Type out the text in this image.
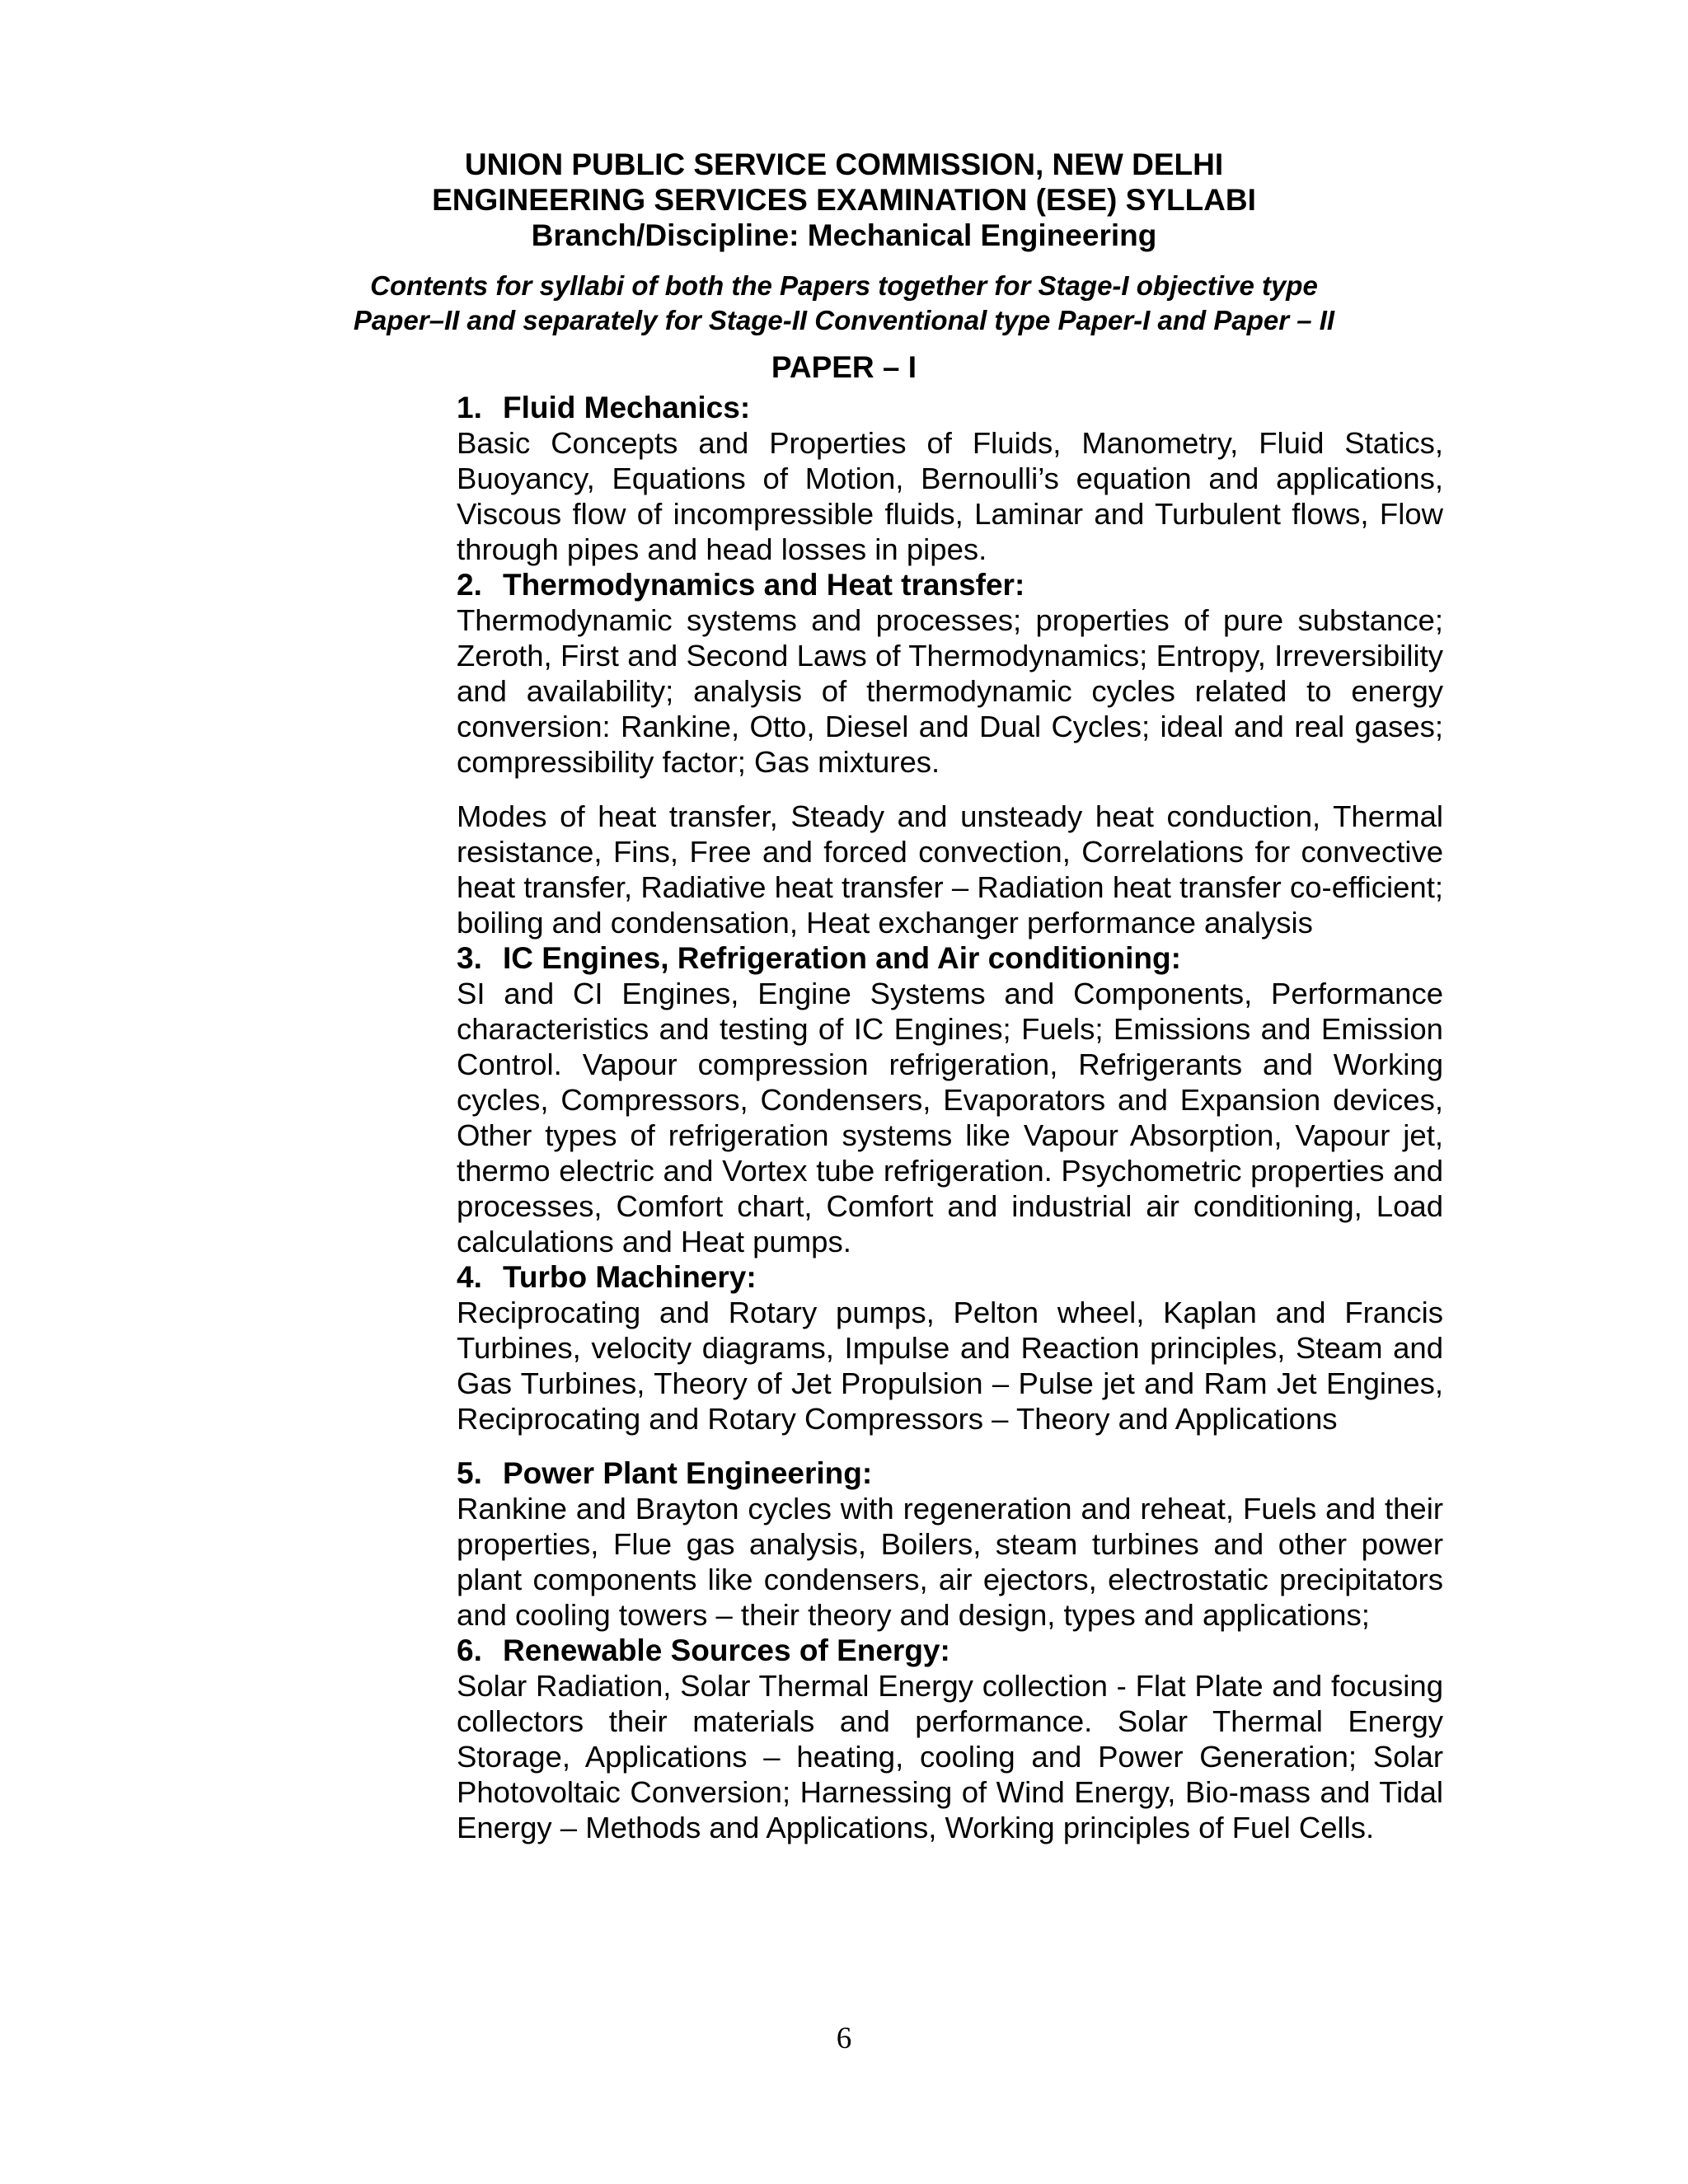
UNION PUBLIC SERVICE COMMISSION, NEW DELHI
ENGINEERING SERVICES EXAMINATION (ESE) SYLLABI
Branch/Discipline: Mechanical Engineering
Contents for syllabi of both the Papers together for Stage-I objective type
Paper–II and separately for Stage-II Conventional type Paper-I and Paper – II
PAPER – I
1. Fluid Mechanics:

Basic Concepts and Properties of Fluids, Manometry, Fluid Statics, Buoyancy, Equations of Motion, Bernoulli’s equation and applications, Viscous flow of incompressible fluids, Laminar and Turbulent flows, Flow through pipes and head losses in pipes.

2. Thermodynamics and Heat transfer:

Thermodynamic systems and processes; properties of pure substance; Zeroth, First and Second Laws of Thermodynamics; Entropy, Irreversibility and availability; analysis of thermodynamic cycles related to energy conversion: Rankine, Otto, Diesel and Dual Cycles; ideal and real gases; compressibility factor; Gas mixtures.

Modes of heat transfer, Steady and unsteady heat conduction, Thermal resistance, Fins, Free and forced convection, Correlations for convective heat transfer, Radiative heat transfer – Radiation heat transfer co-efficient; boiling and condensation, Heat exchanger performance analysis

3. IC Engines, Refrigeration and Air conditioning:

SI and CI Engines, Engine Systems and Components, Performance characteristics and testing of IC Engines; Fuels; Emissions and Emission Control. Vapour compression refrigeration, Refrigerants and Working cycles, Compressors, Condensers, Evaporators and Expansion devices, Other types of refrigeration systems like Vapour Absorption, Vapour jet, thermo electric and Vortex tube refrigeration. Psychometric properties and processes, Comfort chart, Comfort and industrial air conditioning, Load calculations and Heat pumps.

4. Turbo Machinery:

Reciprocating and Rotary pumps, Pelton wheel, Kaplan and Francis Turbines, velocity diagrams, Impulse and Reaction principles, Steam and Gas Turbines, Theory of Jet Propulsion – Pulse jet and Ram Jet Engines, Reciprocating and Rotary Compressors – Theory and Applications

5. Power Plant Engineering:

Rankine and Brayton cycles with regeneration and reheat, Fuels and their properties, Flue gas analysis, Boilers, steam turbines and other power plant components like condensers, air ejectors, electrostatic precipitators and cooling towers – their theory and design, types and applications;

6. Renewable Sources of Energy:

Solar Radiation, Solar Thermal Energy collection - Flat Plate and focusing collectors their materials and performance. Solar Thermal Energy Storage, Applications – heating, cooling and Power Generation; Solar Photovoltaic Conversion; Harnessing of Wind Energy, Bio-mass and Tidal Energy – Methods and Applications, Working principles of Fuel Cells.

6
